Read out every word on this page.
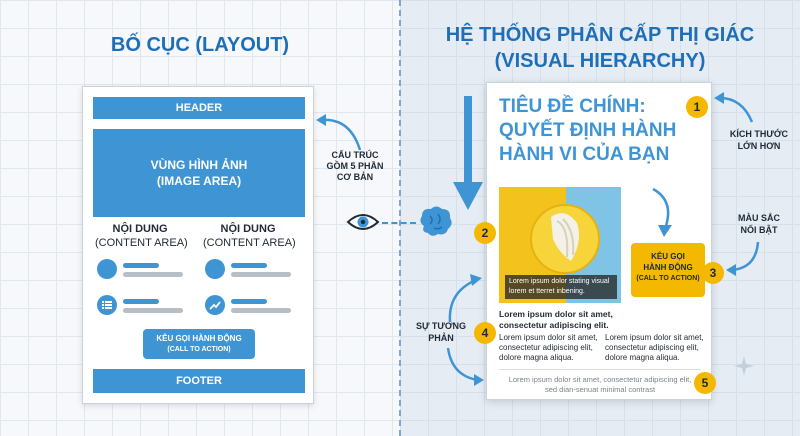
BỐ CỤC (LAYOUT)
HEADER
VÙNG HÌNH ẢNH
(IMAGE AREA)
NỘI DUNG
(CONTENT AREA)
NỘI DUNG
(CONTENT AREA)
KÊU GỌI HÀNH ĐỘNG
(CALL TO ACTION)
FOOTER
CẤU TRÚC
GỒM 5 PHẦN
CƠ BẢN
HỆ THỐNG PHÂN CẤP THỊ GIÁC
(VISUAL HIERARCHY)
TIÊU ĐỀ CHÍNH:
QUYẾT ĐỊNH HÀNH
HÀNH VI CỦA BẠN
Lorem ipsum dolor stating visual
lorem et tterret inbening.
KÊU GỌI
HÀNH ĐỘNG
(CALL TO ACTION)
Lorem ipsum dolor sit amet,
consectetur adipiscing elit.
Lorem ipsum dolor sit amet,
consectetur adipiscing elit,
dolore magna aliqua.
Lorem ipsum dolor sit amet,
consectetur adipiscing elit,
dolore magna aliqua.
Lorem ipsum dolor sit amet, consectetur adipiscing elit,
sed dian-senuat minimal contrast
1
2
3
4
5
KÍCH THƯỚC
LỚN HƠN
MÀU SẮC
NỔI BẬT
SỰ TƯƠNG
PHẢN
